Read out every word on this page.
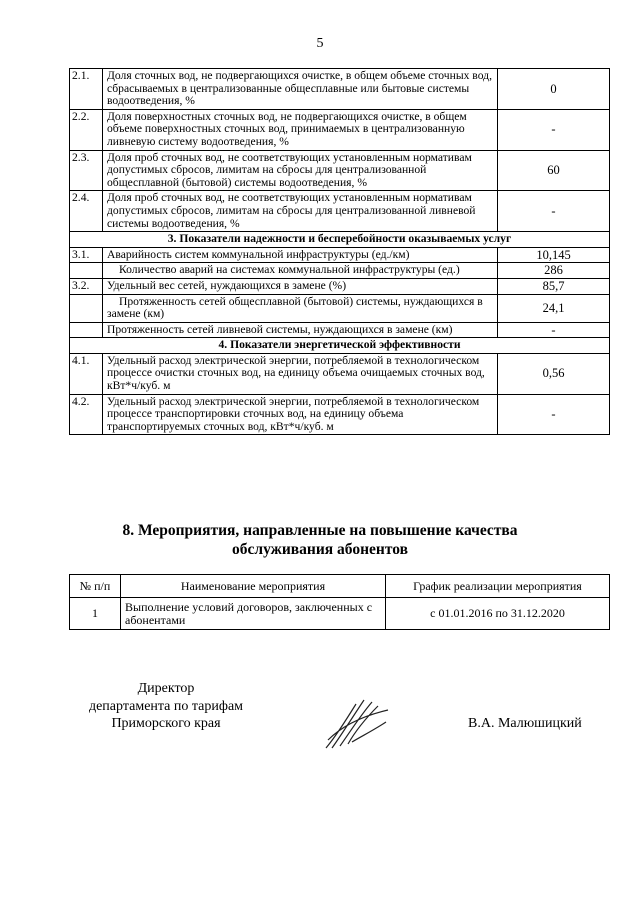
5
2.1.	Доля сточных вод, не подвергающихся очистке, в общем объеме сточных вод, сбрасываемых в централизованные общесплавные или бытовые системы водоотведения, %	0
2.2.	Доля поверхностных сточных вод, не подвергающихся очистке, в общем объеме поверхностных сточных вод, принимаемых в централизованную ливневую систему водоотведения, %	-
2.3.	Доля проб сточных вод, не соответствующих установленным нормативам допустимых сбросов, лимитам на сбросы для централизованной общесплавной (бытовой) системы водоотведения, %	60
2.4.	Доля проб сточных вод, не соответствующих установленным нормативам допустимых сбросов, лимитам на сбросы для централизованной ливневой системы водоотведения, %	-
3. Показатели надежности и бесперебойности оказываемых услуг		
3.1.	Аварийность систем коммунальной инфраструктуры (ед./км)	10,145
	Количество аварий на системах коммунальной инфраструктуры (ед.)	286
3.2.	Удельный вес сетей, нуждающихся в замене (%)	85,7
	Протяженность сетей общесплавной (бытовой) системы, нуждающихся в замене (км)	24,1
	Протяженность сетей ливневой системы, нуждающихся в замене (км)	-
4. Показатели энергетической эффективности		
4.1.	Удельный расход электрической энергии, потребляемой в технологическом процессе очистки сточных вод, на единицу объема очищаемых сточных вод, кВт*ч/куб. м	0,56
4.2.	Удельный расход электрической энергии, потребляемой в технологическом процессе транспортировки сточных вод, на единицу объема транспортируемых сточных вод, кВт*ч/куб. м	-
8. Мероприятия, направленные на повышение качества
обслуживания абонентов
№ п/п	Наименование мероприятия	График реализации мероприятия
1	Выполнение условий договоров, заключенных с абонентами	с 01.01.2016 по 31.12.2020
Директор
департамента по тарифам
Приморского края	В.А. Малюшицкий
